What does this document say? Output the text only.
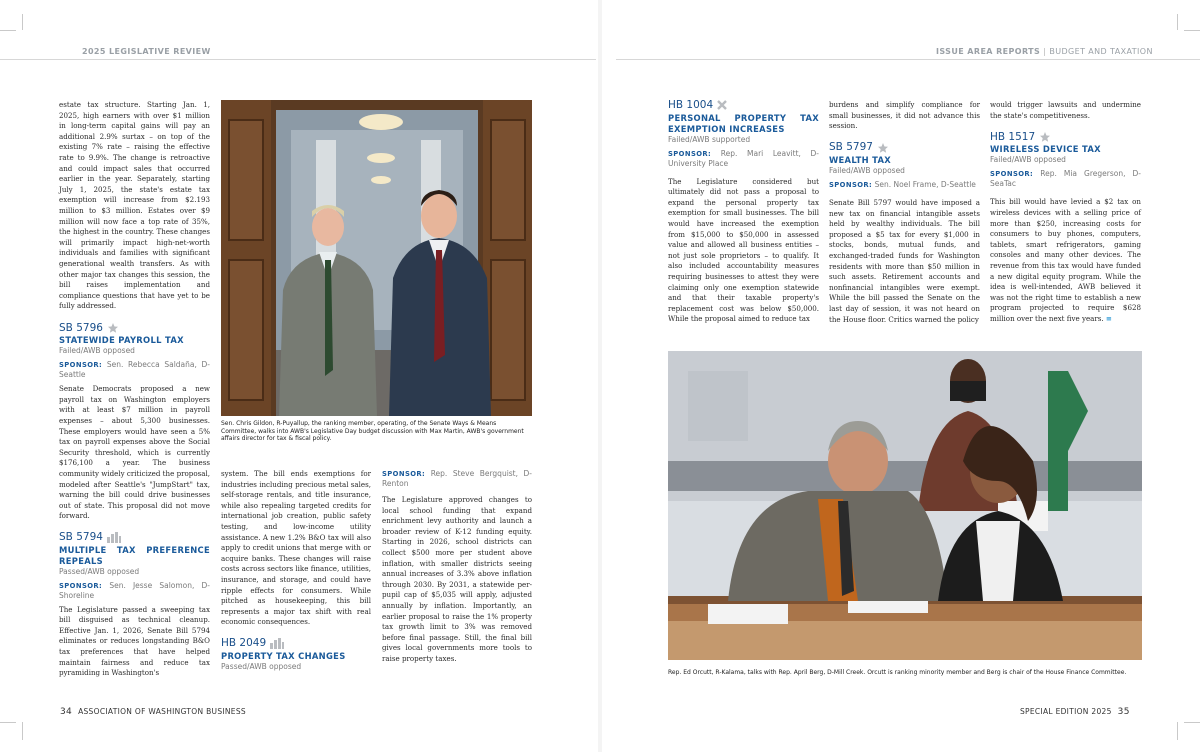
2025 LEGISLATIVE REVIEW

estate tax structure. Starting Jan. 1, 2025, high earners with over $1 million in long-term capital gains will pay an additional 2.9% surtax – on top of the existing 7% rate – raising the effective rate to 9.9%. The change is retroactive and could impact sales that occurred earlier in the year. Separately, starting July 1, 2025, the state's estate tax exemption will increase from $2.193 million to $3 million. Estates over $9 million will now face a top rate of 35%, the highest in the country. These changes will primarily impact high-net-worth individuals and families with significant generational wealth transfers. As with other major tax changes this session, the bill raises implementation and compliance questions that have yet to be fully addressed.

SB 5796
STATEWIDE PAYROLL TAX
Failed/AWB opposed
SPONSOR: Sen. Rebecca Saldaña, D-Seattle

Senate Democrats proposed a new payroll tax on Washington employers with at least $7 million in payroll expenses – about 5,300 businesses. These employers would have seen a 5% tax on payroll expenses above the Social Security threshold, which is currently $176,100 a year. The business community widely criticized the proposal, modeled after Seattle's "JumpStart" tax, warning the bill could drive businesses out of state. This proposal did not move forward.

SB 5794
MULTIPLE TAX PREFERENCE REPEALS
Passed/AWB opposed
SPONSOR: Sen. Jesse Salomon, D-Shoreline

The Legislature passed a sweeping tax bill disguised as technical cleanup. Effective Jan. 1, 2026, Senate Bill 5794 eliminates or reduces longstanding B&O tax preferences that have helped maintain fairness and reduce tax pyramiding in Washington's

system. The bill ends exemptions for industries including precious metal sales, self-storage rentals, and title insurance, while also repealing targeted credits for international job creation, public safety testing, and low-income utility assistance. A new 1.2% B&O tax will also apply to credit unions that merge with or acquire banks. These changes will raise costs across sectors like finance, utilities, insurance, and storage, and could have ripple effects for consumers. While pitched as housekeeping, this bill represents a major tax shift with real economic consequences.

HB 2049
PROPERTY TAX CHANGES
Passed/AWB opposed
SPONSOR: Rep. Steve Bergquist, D-Renton

The Legislature approved changes to local school funding that expand enrichment levy authority and launch a broader review of K-12 funding equity. Starting in 2026, school districts can collect $500 more per student above inflation, with smaller districts seeing annual increases of 3.3% above inflation through 2030. By 2031, a statewide per-pupil cap of $5,035 will apply, adjusted annually by inflation. Importantly, an earlier proposal to raise the 1% property tax growth limit to 3% was removed before final passage. Still, the final bill gives local governments more tools to raise property taxes.

Sen. Chris Gildon, R-Puyallup, the ranking member, operating, of the Senate Ways & Means Committee, walks into AWB's Legislative Day budget discussion with Max Martin, AWB's government affairs director for tax & fiscal policy.
34 ASSOCIATION OF WASHINGTON BUSINESS
ISSUE AREA REPORTS | BUDGET AND TAXATION
HB 1004
PERSONAL PROPERTY TAX EXEMPTION INCREASES
Failed/AWB supported
SPONSOR: Rep. Mari Leavitt, D-University Place

The Legislature considered but ultimately did not pass a proposal to expand the personal property tax exemption for small businesses. The bill would have increased the exemption from $15,000 to $50,000 in assessed value and allowed all business entities – not just sole proprietors – to qualify. It also included accountability measures requiring businesses to attest they were claiming only one exemption statewide and that their taxable property's replacement cost was below $50,000. While the proposal aimed to reduce tax

burdens and simplify compliance for small businesses, it did not advance this session.

SB 5797
WEALTH TAX
Failed/AWB opposed
SPONSOR: Sen. Noel Frame, D-Seattle

Senate Bill 5797 would have imposed a new tax on financial intangible assets held by wealthy individuals. The bill proposed a $5 tax for every $1,000 in stocks, bonds, mutual funds, and exchanged-traded funds for Washington residents with more than $50 million in such assets. Retirement accounts and nonfinancial intangibles were exempt. While the bill passed the Senate on the last day of session, it was not heard on the House floor. Critics warned the policy

would trigger lawsuits and undermine the state's competitiveness.

HB 1517
WIRELESS DEVICE TAX
Failed/AWB opposed
SPONSOR: Rep. Mia Gregerson, D-SeaTac

This bill would have levied a $2 tax on wireless devices with a selling price of more than $250, increasing costs for consumers to buy phones, computers, tablets, smart refrigerators, gaming consoles and many other devices. The revenue from this tax would have funded a new digital equity program. While the idea is well-intended, AWB believed it was not the right time to establish a new program projected to require $628 million over the next five years. ≡

Rep. Ed Orcutt, R-Kalama, talks with Rep. April Berg, D-Mill Creek. Orcutt is ranking minority member and Berg is chair of the House Finance Committee.
SPECIAL EDITION 2025 35
